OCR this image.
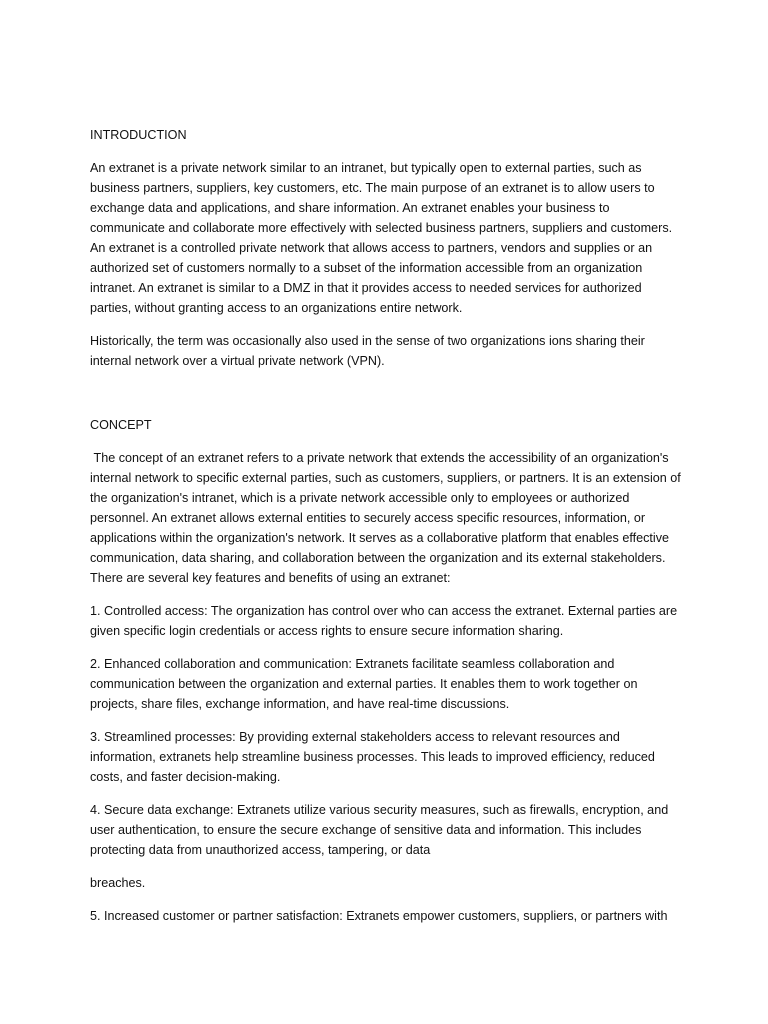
INTRODUCTION

An extranet is a private network similar to an intranet, but typically open to external parties, such as business partners, suppliers, key customers, etc. The main purpose of an extranet is to allow users to exchange data and applications, and share information. An extranet enables your business to communicate and collaborate more effectively with selected business partners, suppliers and customers. An extranet is a controlled private network that allows access to partners, vendors and supplies or an authorized set of customers normally to a subset of the information accessible from an organization intranet. An extranet is similar to a DMZ in that it provides access to needed services for authorized parties, without granting access to an organizations entire network.

Historically, the term was occasionally also used in the sense of two organizations ions sharing their internal network over a virtual private network (VPN).

CONCEPT

The concept of an extranet refers to a private network that extends the accessibility of an organization's internal network to specific external parties, such as customers, suppliers, or partners. It is an extension of the organization's intranet, which is a private network accessible only to employees or authorized personnel. An extranet allows external entities to securely access specific resources, information, or applications within the organization's network. It serves as a collaborative platform that enables effective communication, data sharing, and collaboration between the organization and its external stakeholders. There are several key features and benefits of using an extranet:

1. Controlled access: The organization has control over who can access the extranet. External parties are given specific login credentials or access rights to ensure secure information sharing.

2. Enhanced collaboration and communication: Extranets facilitate seamless collaboration and communication between the organization and external parties. It enables them to work together on projects, share files, exchange information, and have real-time discussions.

3. Streamlined processes: By providing external stakeholders access to relevant resources and information, extranets help streamline business processes. This leads to improved efficiency, reduced costs, and faster decision-making.

4. Secure data exchange: Extranets utilize various security measures, such as firewalls, encryption, and user authentication, to ensure the secure exchange of sensitive data and information. This includes protecting data from unauthorized access, tampering, or data

breaches.

5. Increased customer or partner satisfaction: Extranets empower customers, suppliers, or partners with
